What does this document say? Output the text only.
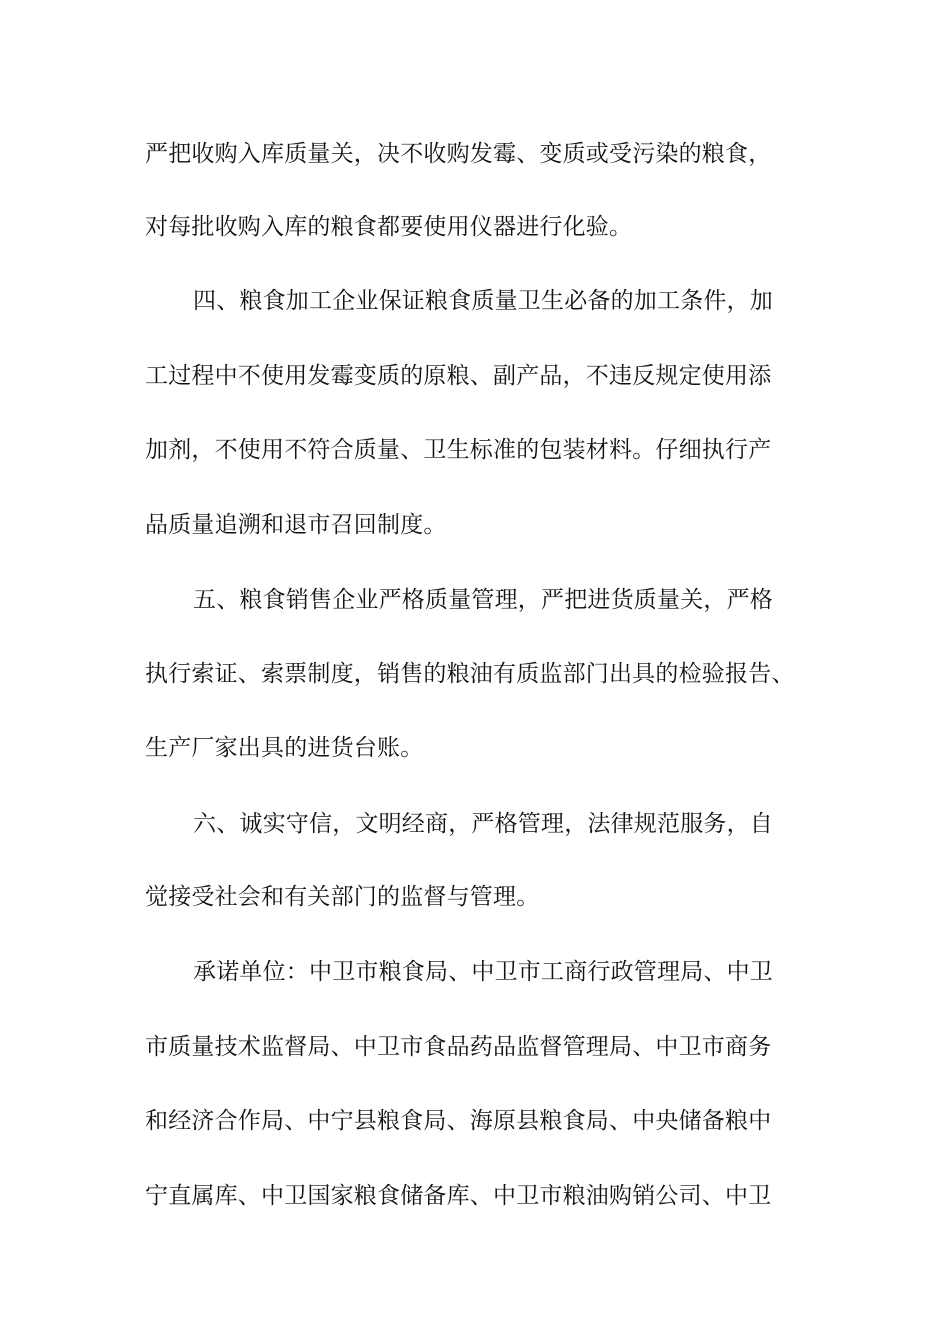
严把收购入库质量关，决不收购发霉、变质或受污染的粮食，
对每批收购入库的粮食都要使用仪器进行化验。
四、粮食加工企业保证粮食质量卫生必备的加工条件，加
工过程中不使用发霉变质的原粮、副产品，不违反规定使用添
加剂，不使用不符合质量、卫生标准的包装材料。仔细执行产
品质量追溯和退市召回制度。
五、粮食销售企业严格质量管理，严把进货质量关，严格
执行索证、索票制度，销售的粮油有质监部门出具的检验报告、
生产厂家出具的进货台账。
六、诚实守信，文明经商，严格管理，法律规范服务，自
觉接受社会和有关部门的监督与管理。
承诺单位：中卫市粮食局、中卫市工商行政管理局、中卫
市质量技术监督局、中卫市食品药品监督管理局、中卫市商务
和经济合作局、中宁县粮食局、海原县粮食局、中央储备粮中
宁直属库、中卫国家粮食储备库、中卫市粮油购销公司、中卫
